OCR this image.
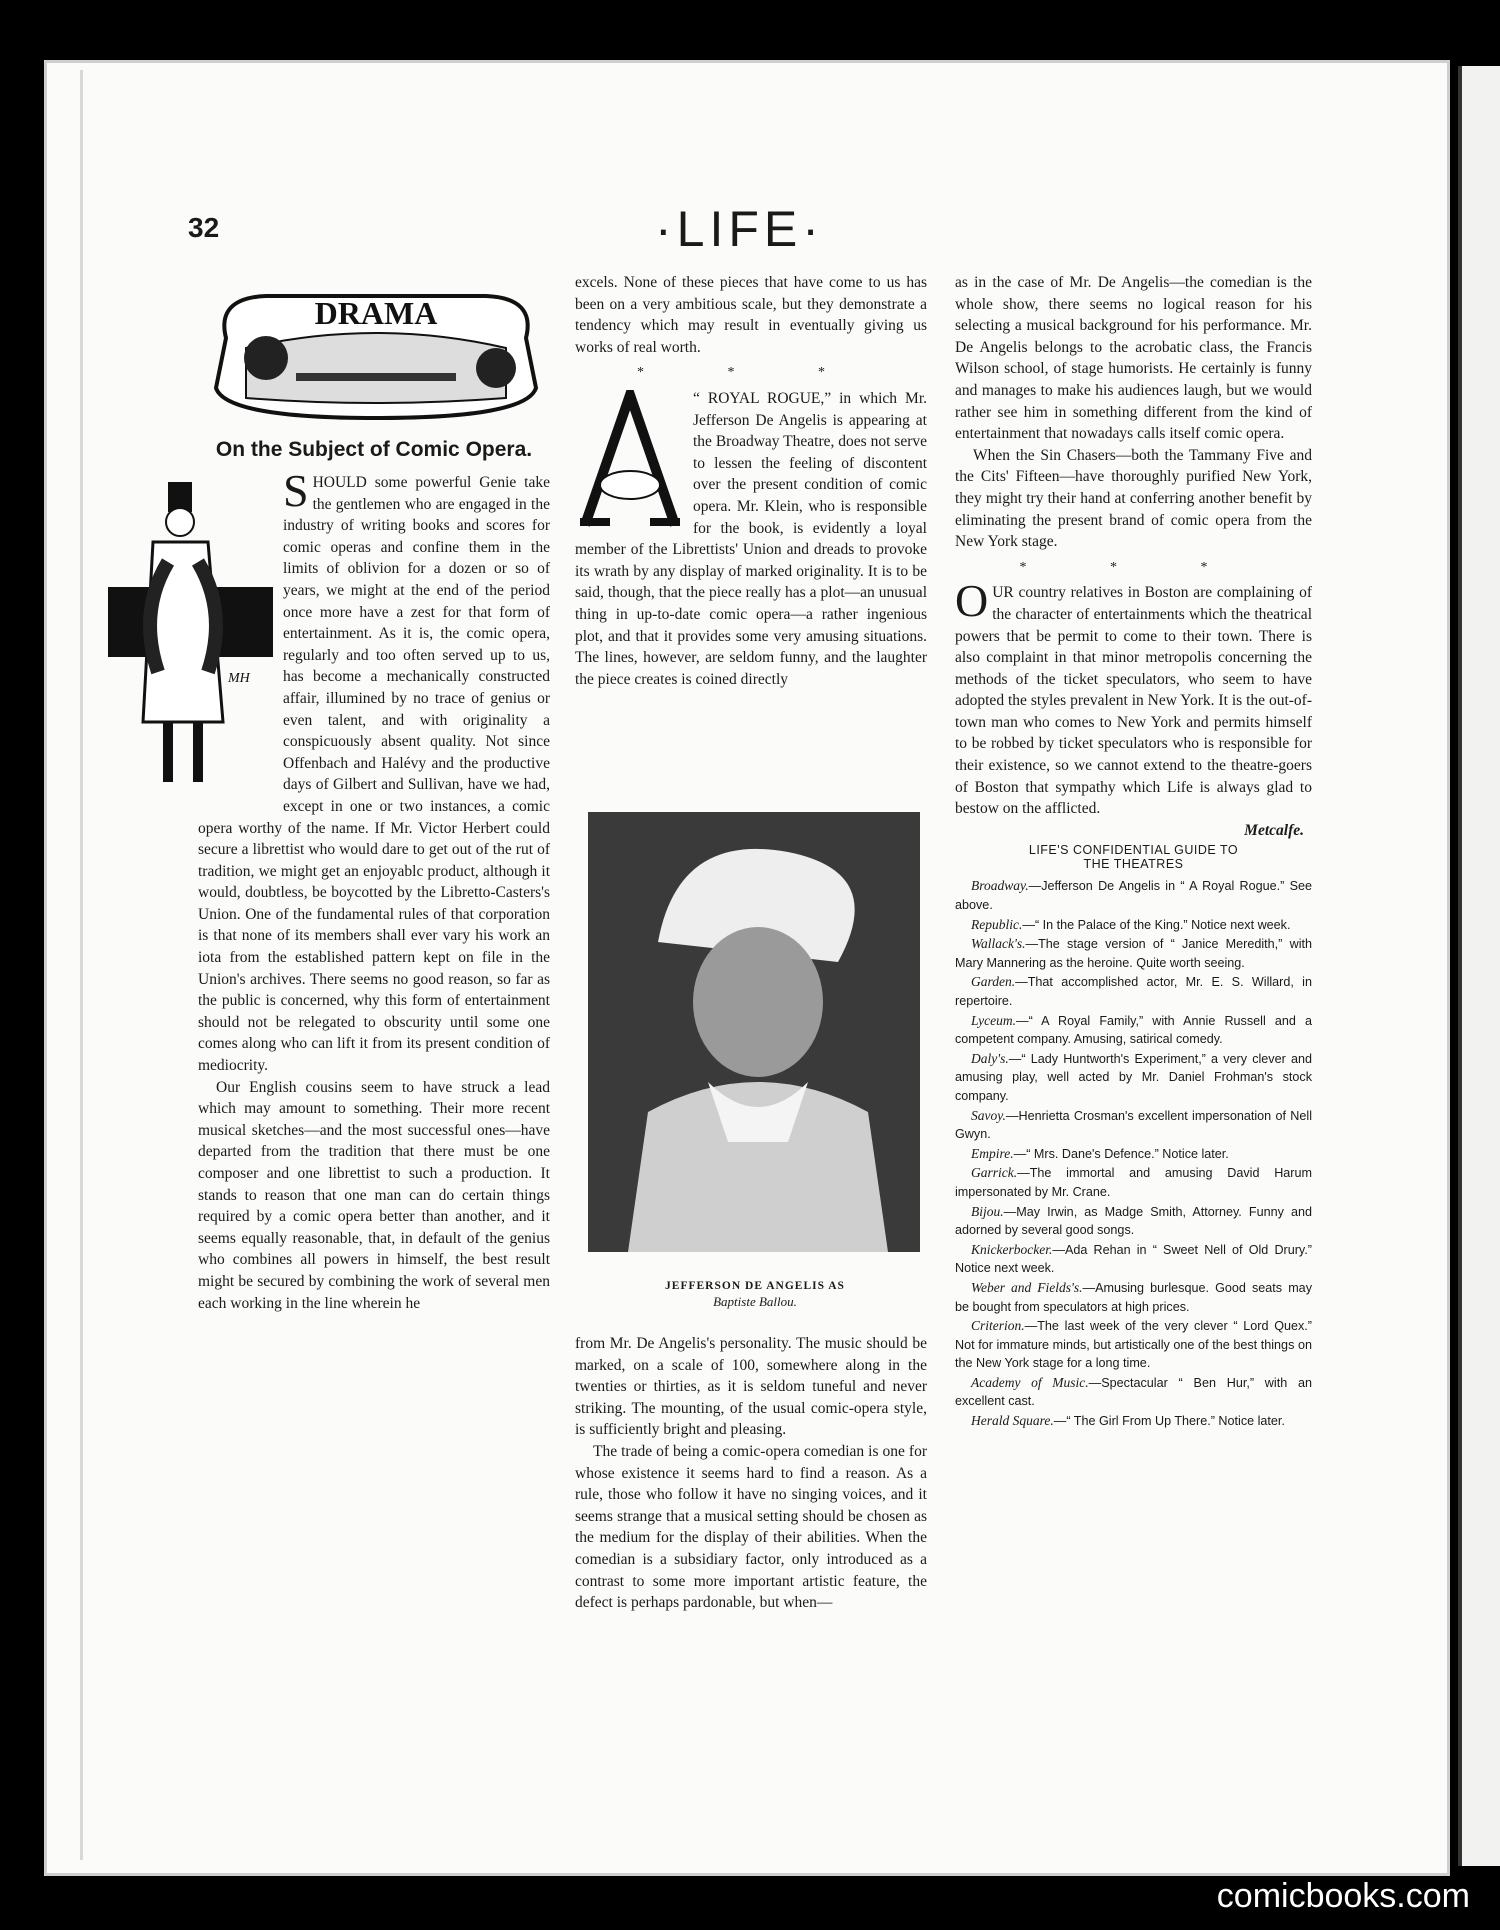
32	·LIFE·
DRAMA
On the Subject of Comic Opera.

MH
S HOULD some powerful Genie take the gentlemen who are engaged in the industry of writing books and scores for comic operas and confine them in the limits of oblivion for a dozen or so of years, we might at the end of the period once more have a zest for that form of entertainment. As it is, the comic opera, regularly and too often served up to us, has become a mechanically constructed affair, illumined by no trace of genius or even talent, and with originality a conspicuously absent quality. Not since Offenbach and Halévy and the productive days of Gilbert and Sullivan, have we had, except in one or two instances, a comic opera worthy of the name. If Mr. Victor Herbert could secure a librettist who would dare to get out of the rut of tradition, we might get an enjoyablс product, although it would, doubtless, be boycotted by the Libretto-Casters's Union. One of the fundamental rules of that corporation is that none of its members shall ever vary his work an iota from the established pattern kept on file in the Union's archives. There seems no good reason, so far as the public is concerned, why this form of entertainment should not be relegated to obscurity until some one comes along who can lift it from its present condition of mediocrity.

Our English cousins seem to have struck a lead which may amount to something. Their more recent musical sketches—and the most successful ones—have departed from the tradition that there must be one composer and one librettist to such a production. It stands to reason that one man can do certain things required by a comic opera better than another, and it seems equally reasonable, that, in default of the genius who combines all powers in himself, the best result might be secured by combining the work of several men each working in the line wherein he

excels. None of these pieces that have come to us has been on a very ambitious scale, but they demonstrate a tendency which may result in eventually giving us works of real worth.

* * *

“
A
ROYAL ROGUE,” in which Mr. Jefferson De Angelis is appearing at the Broadway Theatre, does not serve to lessen the feeling of discontent over the present condition of comic opera. Mr. Klein, who is responsible for the book, is evidently a loyal member of the Librettists' Union and dreads to provoke its wrath by any display of marked originality. It is to be said, though, that the piece really has a plot—an unusual thing in up-to-date comic opera—a rather ingenious plot, and that it provides some very amusing situations. The lines, however, are seldom funny, and the laughter the piece creates is coined directly

JEFFERSON DE ANGELIS AS
Baptiste Ballou.

from Mr. De Angelis's personality. The music should be marked, on a scale of 100, somewhere along in the twenties or thirties, as it is seldom tuneful and never striking. The mounting, of the usual comic-opera style, is sufficiently bright and pleasing.

The trade of being a comic-opera comedian is one for whose existence it seems hard to find a reason. As a rule, those who follow it have no singing voices, and it seems strange that a musical setting should be chosen as the medium for the display of their abilities. When the comedian is a subsidiary factor, only introduced as a contrast to some more important artistic feature, the defect is perhaps pardonable, but when—

as in the case of Mr. De Angelis—the comedian is the whole show, there seems no logical reason for his selecting a musical background for his performance. Mr. De Angelis belongs to the acrobatic class, the Francis Wilson school, of stage humorists. He certainly is funny and manages to make his audiences laugh, but we would rather see him in something different from the kind of entertainment that nowadays calls itself comic opera.

When the Sin Chasers—both the Tammany Five and the Cits' Fifteen—have thoroughly purified New York, they might try their hand at conferring another benefit by eliminating the present brand of comic opera from the New York stage.

* * *

OUR country relatives in Boston are complaining of the character of entertainments which the theatrical powers that be permit to come to their town. There is also complaint in that minor metropolis concerning the methods of the ticket speculators, who seem to have adopted the styles prevalent in New York. It is the out-of-town man who comes to New York and permits himself to be robbed by ticket speculators who is responsible for their existence, so we cannot extend to the theatre-goers of Boston that sympathy which Life is always glad to bestow on the afflicted.

Metcalfe.
LIFE'S CONFIDENTIAL GUIDE TO
THE THEATRES
Broadway.—Jefferson De Angelis in “ A Royal Rogue.” See above.
Republic.—“ In the Palace of the King.” Notice next week.
Wallack's.—The stage version of “ Janice Meredith,” with Mary Mannering as the heroine. Quite worth seeing.
Garden.—That accomplished actor, Mr. E. S. Willard, in repertoire.
Lyceum.—“ A Royal Family,” with Annie Russell and a competent company. Amusing, satirical comedy.
Daly's.—“ Lady Huntworth's Experiment,” a very clever and amusing play, well acted by Mr. Daniel Frohman's stock company.
Savoy.—Henrietta Crosman's excellent impersonation of Nell Gwyn.
Empire.—“ Mrs. Dane's Defence.” Notice later.
Garrick.—The immortal and amusing David Harum impersonated by Mr. Crane.
Bijou.—May Irwin, as Madge Smith, Attorney. Funny and adorned by several good songs.
Knickerbocker.—Ada Rehan in “ Sweet Nell of Old Drury.” Notice next week.
Weber and Fields's.—Amusing burlesque. Good seats may be bought from speculators at high prices.
Criterion.—The last week of the very clever “ Lord Quex.” Not for immature minds, but artistically one of the best things on the New York stage for a long time.
Academy of Music.—Spectacular “ Ben Hur,” with an excellent cast.
Herald Square.—“ The Girl From Up There.” Notice later.
comicbooks.com
